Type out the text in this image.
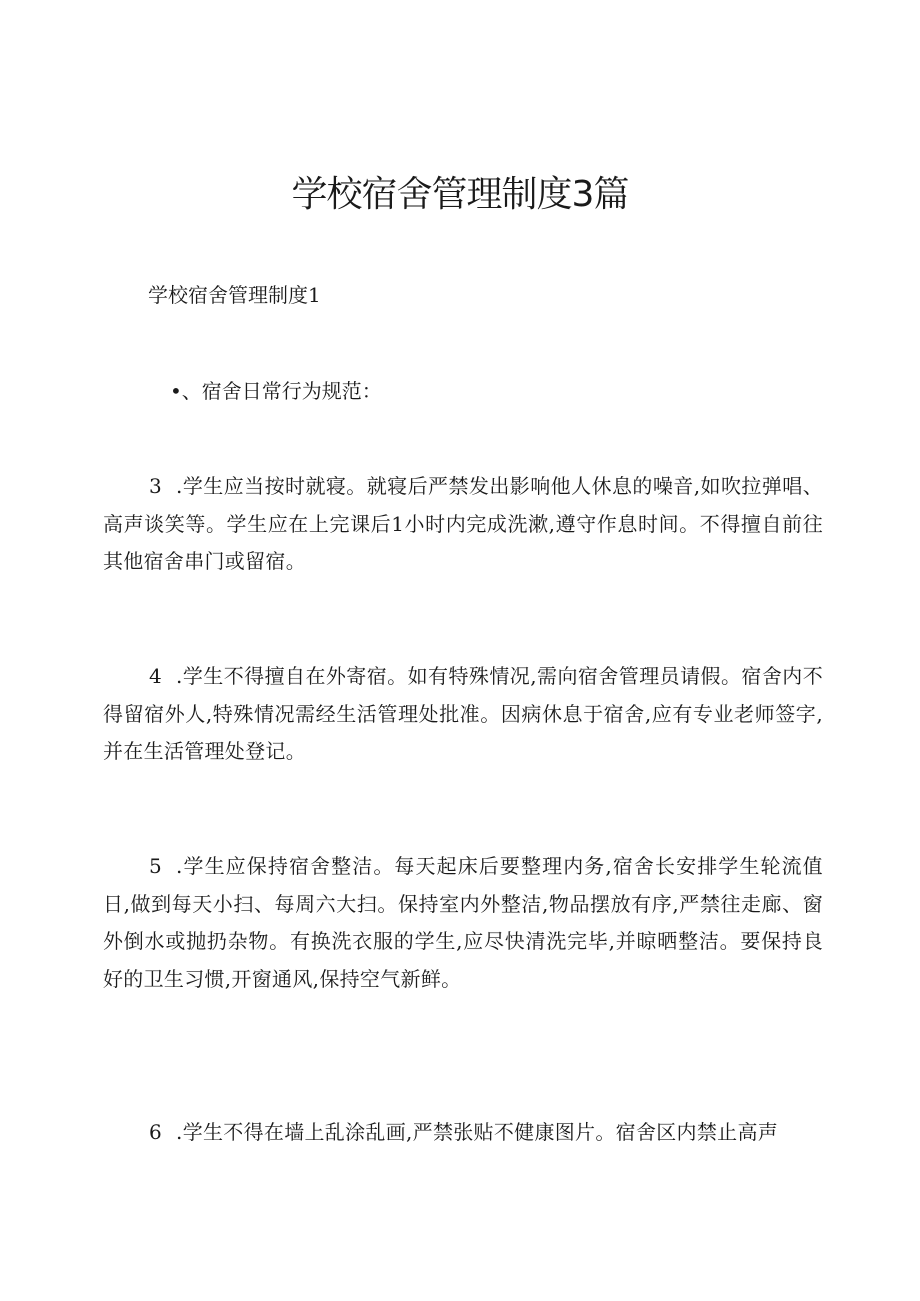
学校宿舍管理制度3篇

学校宿舍管理制度1

•、宿舍日常行为规范：

3 .学生应当按时就寝。就寝后严禁发出影响他人休息的噪音,如吹拉弹唱、高声谈笑等。学生应在上完课后1小时内完成洗漱,遵守作息时间。不得擅自前往其他宿舍串门或留宿。

4 .学生不得擅自在外寄宿。如有特殊情况,需向宿舍管理员请假。宿舍内不得留宿外人,特殊情况需经生活管理处批准。因病休息于宿舍,应有专业老师签字,并在生活管理处登记。

5 .学生应保持宿舍整洁。每天起床后要整理内务,宿舍长安排学生轮流值日,做到每天小扫、每周六大扫。保持室内外整洁,物品摆放有序,严禁往走廊、窗外倒水或抛扔杂物。有换洗衣服的学生,应尽快清洗完毕,并晾晒整洁。要保持良好的卫生习惯,开窗通风,保持空气新鲜。

6 .学生不得在墙上乱涂乱画,严禁张贴不健康图片。宿舍区内禁止高声
